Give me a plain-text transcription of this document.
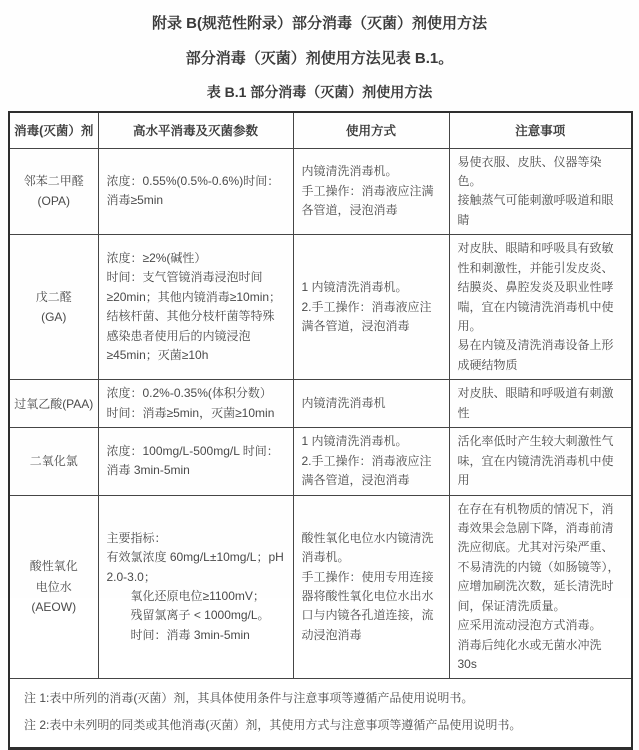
附录 B(规范性附录）部分消毒（灭菌）剂使用方法

部分消毒（灭菌）剂使用方法见表 B.1。

表 B.1 部分消毒（灭菌）剂使用方法

消毒(灭菌）剂	高水平消毒及灭菌参数	使用方式	注意事项
邻苯二甲醛
(OPA)	浓度：0.55%(0.5%-0.6%)时间：消毒≥5min	内镜清洗消毒机。
手工操作：消毒液应注满各管道，浸泡消毒	易使衣服、皮肤、仪器等染色。
接触蒸气可能刺激呼吸道和眼睛
戊二醛
(GA)	浓度：≥2%(碱性）
时间：支气管镜消毒浸泡时间≥20min；其他内镜消毒≥10min；结核杆菌、其他分枝杆菌等特殊感染患者使用后的内镜浸泡≥45min；灭菌≥10h	1 内镜清洗消毒机。
2.手工操作：消毒液应注满各管道，浸泡消毒	对皮肤、眼睛和呼吸具有致敏性和刺激性，并能引发皮炎、结膜炎、鼻腔发炎及职业性哮喘，宜在内镜清洗消毒机中使用。
易在内镜及清洗消毒设备上形成硬结物质
过氧乙酸(PAA)	浓度：0.2%-0.35%(体积分数）
时间：消毒≥5min，灭菌≥10min	内镜清洗消毒机	对皮肤、眼睛和呼吸道有刺激性
二氧化氯	浓度：100mg/L-500mg/L 时间：消毒 3min-5min	1 内镜清洗消毒机。
2.手工操作：消毒液应注满各管道，浸泡消毒	活化率低时产生较大刺激性气味，宜在内镜清洗消毒机中使用
酸性氧化
电位水
(AEOW)	主要指标：
有效氯浓度 60mg/L±10mg/L；pH 2.0-3.0；
　　氧化还原电位≥1100mV；
　　残留氯离子 < 1000mg/L。
　　时间：消毒 3min-5min	酸性氧化电位水内镜清洗消毒机。
手工操作：使用专用连接器将酸性氧化电位水出水口与内镜各孔道连接，流动浸泡消毒	在存在有机物质的情况下，消毒效果会急剧下降，消毒前清洗应彻底。尤其对污染严重、不易清洗的内镜（如肠镜等），应增加刷洗次数，延长清洗时间，保证清洗质量。
应采用流动浸泡方式消毒。
消毒后纯化水或无菌水冲洗 30s

注 1:表中所列的消毒(灭菌）剂，其具体使用条件与注意事项等遵循产品使用说明书。

注 2:表中未列明的同类或其他消毒(灭菌）剂，其使用方式与注意事项等遵循产品使用说明书。			
